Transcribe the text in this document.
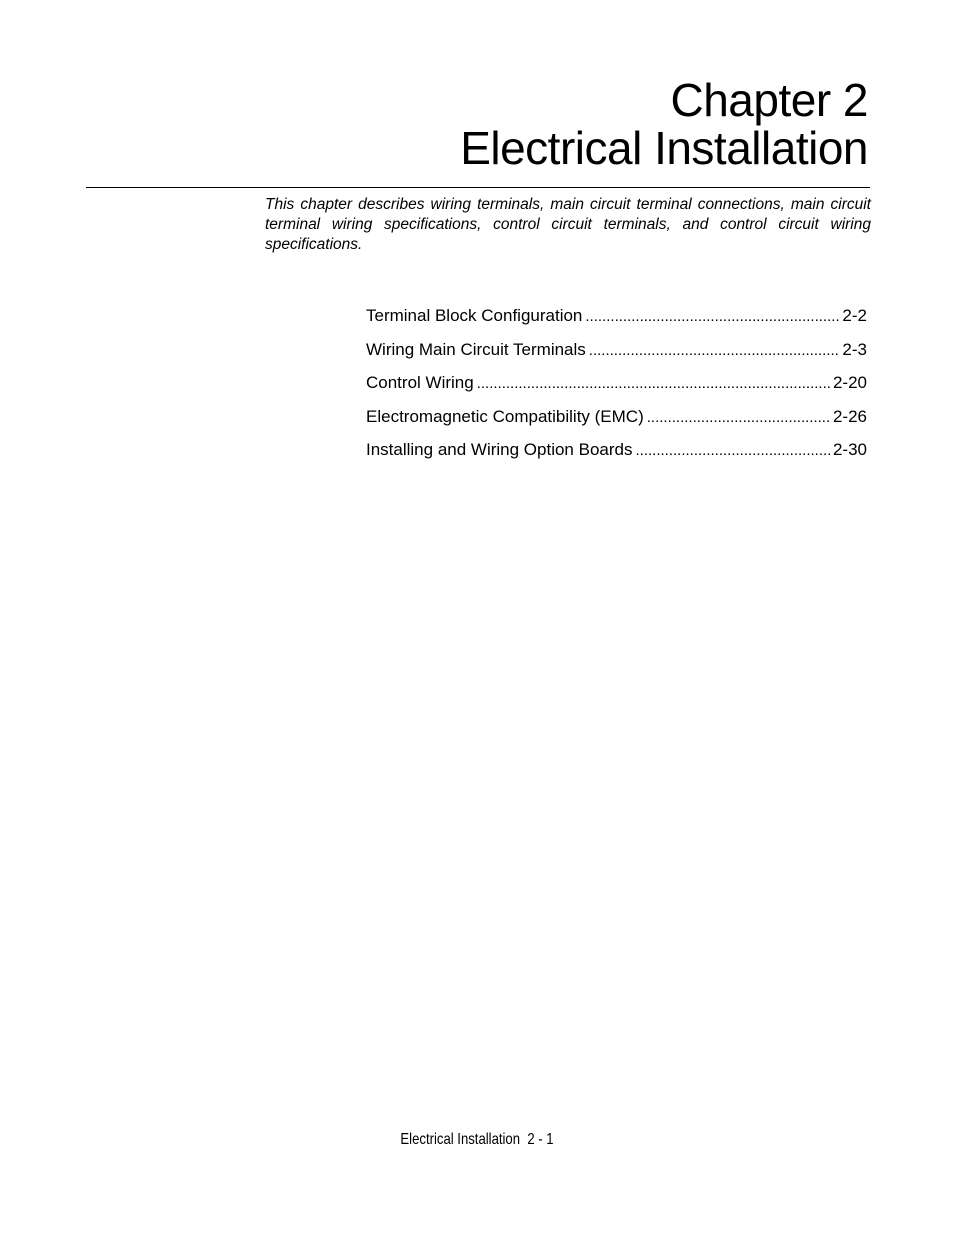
Chapter 2
Electrical Installation
This chapter describes wiring terminals, main circuit terminal connections, main circuit terminal wiring specifications, control circuit terminals, and control circuit wiring specifications.
Terminal Block Configuration .....	2-2
Wiring Main Circuit Terminals .....	2-3
Control Wiring .....	2-20
Electromagnetic Compatibility (EMC) .....	2-26
Installing and Wiring Option Boards .....	2-30
Electrical Installation  2 - 1
